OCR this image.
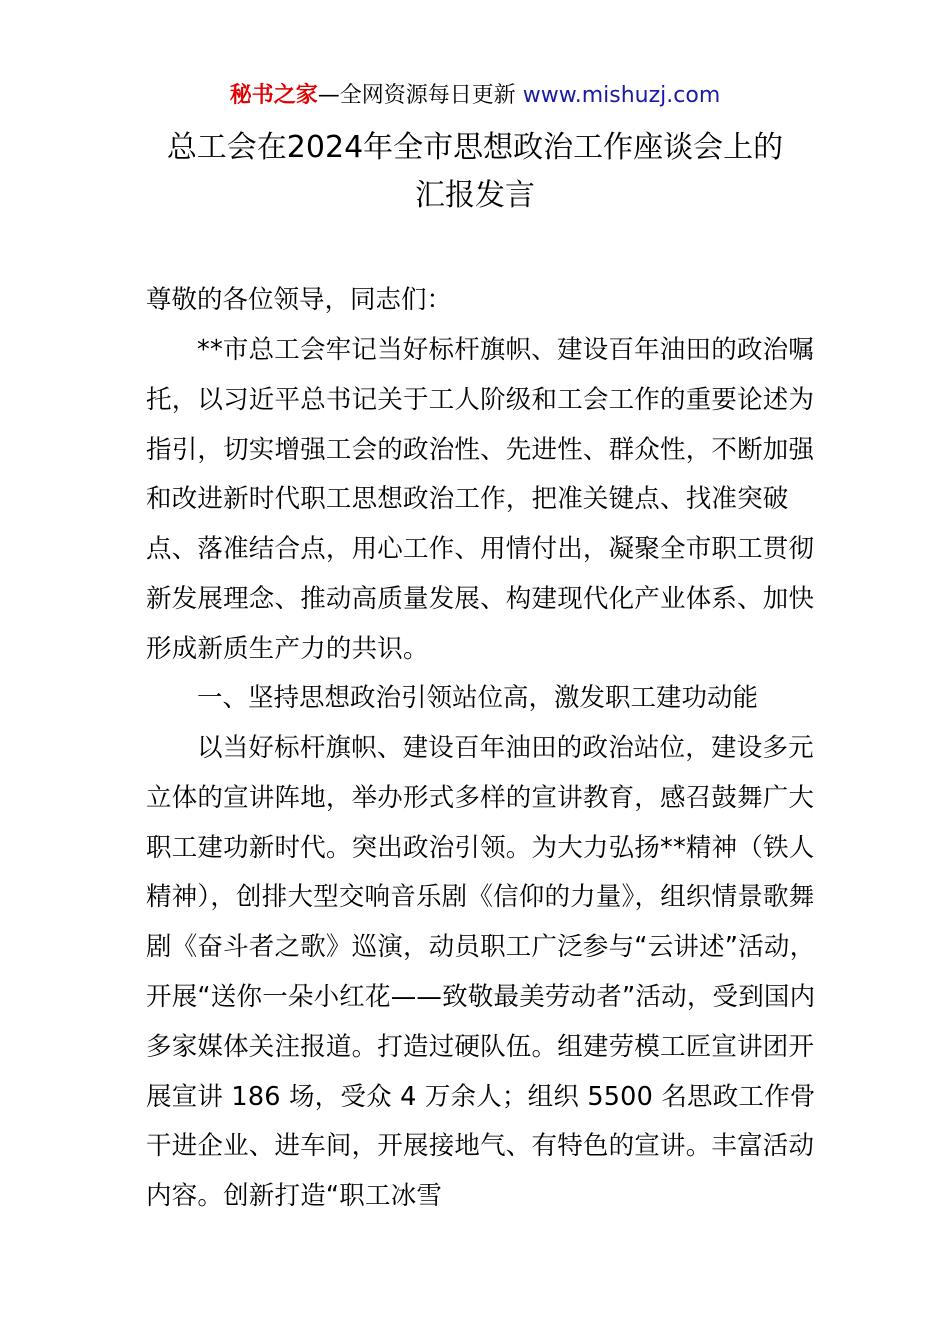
秘书之家—全网资源每日更新 www.mishuzj.com
总工会在2024年全市思想政治工作座谈会上的
汇报发言
尊敬的各位领导，同志们：
**市总工会牢记当好标杆旗帜、建设百年油田的政治嘱托，以习近平总书记关于工人阶级和工会工作的重要论述为指引，切实增强工会的政治性、先进性、群众性，不断加强和改进新时代职工思想政治工作，把准关键点、找准突破点、落准结合点，用心工作、用情付出，凝聚全市职工贯彻新发展理念、推动高质量发展、构建现代化产业体系、加快形成新质生产力的共识。
一、坚持思想政治引领站位高，激发职工建功动能
以当好标杆旗帜、建设百年油田的政治站位，建设多元立体的宣讲阵地，举办形式多样的宣讲教育，感召鼓舞广大职工建功新时代。突出政治引领。为大力弘扬**精神（铁人精神），创排大型交响音乐剧《信仰的力量》，组织情景歌舞剧《奋斗者之歌》巡演，动员职工广泛参与“云讲述”活动，开展“送你一朵小红花——致敬最美劳动者”活动，受到国内多家媒体关注报道。打造过硬队伍。组建劳模工匠宣讲团开展宣讲 186 场，受众 4 万余人；组织 5500 名思政工作骨干进企业、进车间，开展接地气、有特色的宣讲。丰富活动内容。创新打造“职工冰雪
